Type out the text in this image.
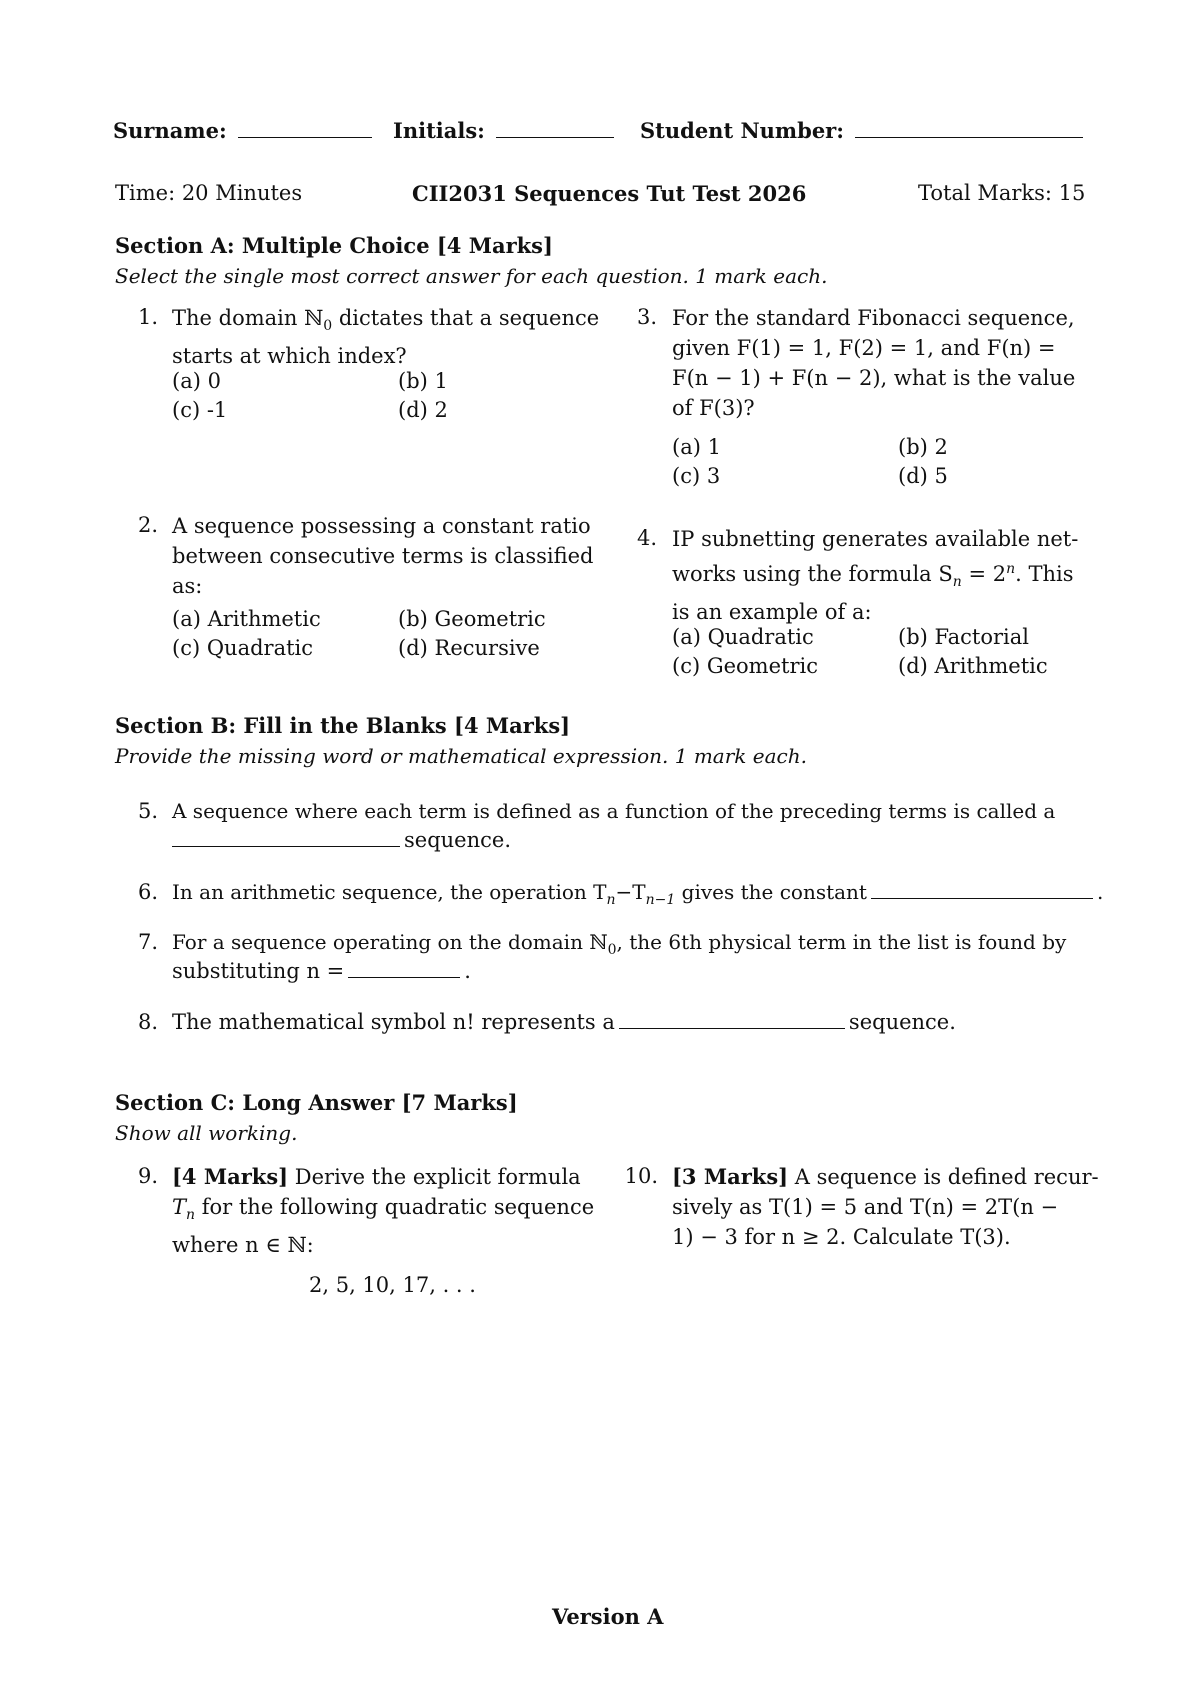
Surname:	Initials:	Student Number:
Time: 20 Minutes	CII2031 Sequences Tut Test 2026	Total Marks: 15
Section A: Multiple Choice [4 Marks]
Select the single most correct answer for each question. 1 mark each.
1. The domain ℕ$_0$ dictates that a sequence
starts at which index?
(a) 0	(b) 1
(c) -1	(d) 2
2. A sequence possessing a constant ratio
between consecutive terms is classified
as:
(a) Arithmetic	(b) Geometric
(c) Quadratic	(d) Recursive
3. For the standard Fibonacci sequence,
given F(1) = 1, F(2) = 1, and F(n) =
F(n − 1) + F(n − 2), what is the value
of F(3)?
(a) 1	(b) 2
(c) 3	(d) 5
4. IP subnetting generates available net-
works using the formula $S_n = 2^n$. This
is an example of a:
(a) Quadratic	(b) Factorial
(c) Geometric	(d) Arithmetic
Section B: Fill in the Blanks [4 Marks]
Provide the missing word or mathematical expression. 1 mark each.
5. A sequence where each term is defined as a function of the preceding terms is called a
sequence.
6. In an arithmetic sequence, the operation $T_n-T_{n-1}$ gives the constant	.
7. For a sequence operating on the domain ℕ$_0$, the 6th physical term in the list is found by
substituting n =	.
8. The mathematical symbol n! represents a	sequence.
Section C: Long Answer [7 Marks]
Show all working.
9. [4 Marks] Derive the explicit formula
$T_n$ for the following quadratic sequence
where n ∈ ℕ:
2, 5, 10, 17, . . .
10. [3 Marks] A sequence is defined recur-
sively as T(1) = 5 and T(n) = 2T(n −
1) − 3 for n ≥ 2. Calculate T(3).
Version A
